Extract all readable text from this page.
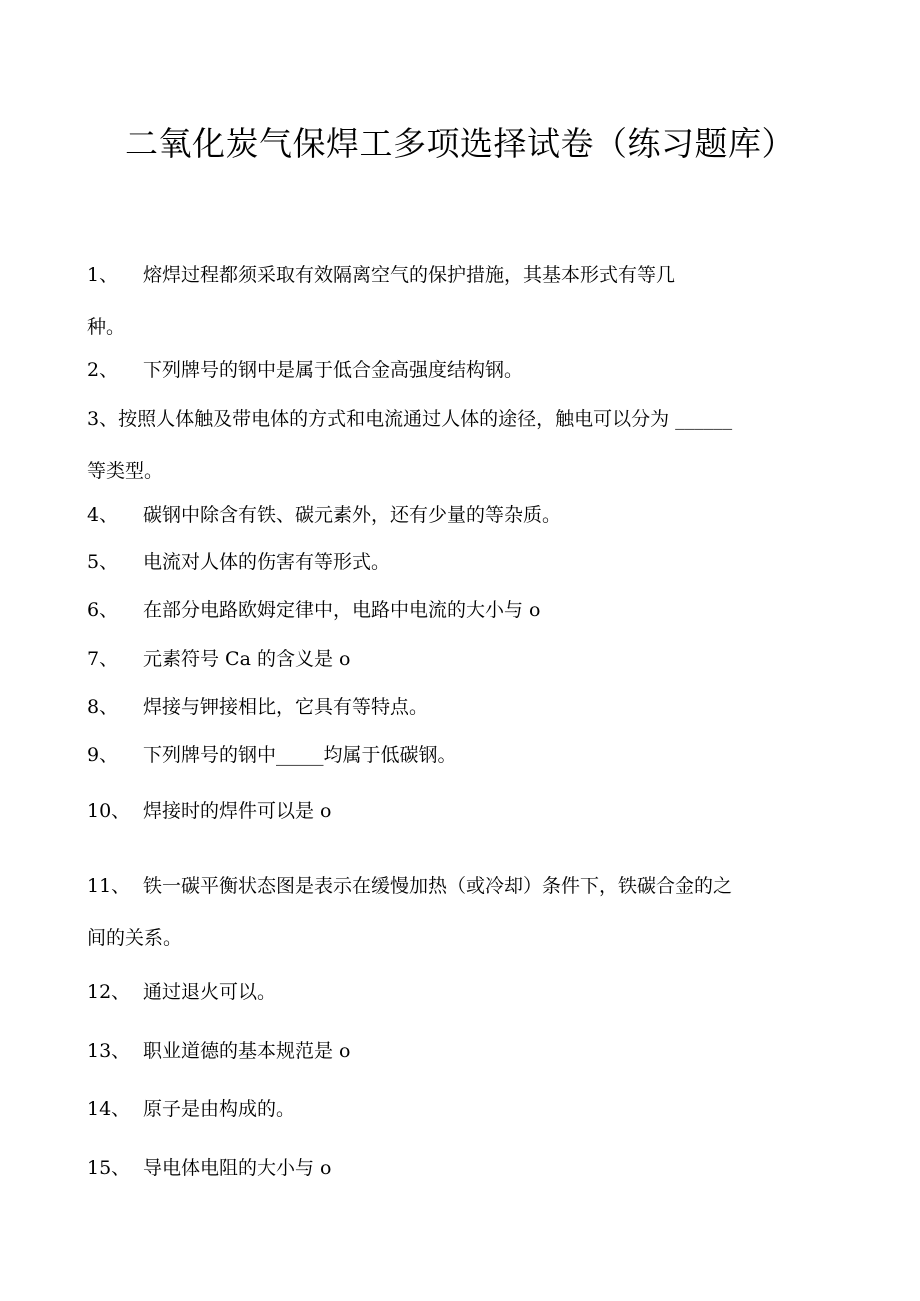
二氧化炭气保焊工多项选择试卷（练习题库）
1、 熔焊过程都须采取有效隔离空气的保护措施，其基本形式有等几
种。
2、 下列牌号的钢中是属于低合金高强度结构钢。
3、按照人体触及带电体的方式和电流通过人体的途径，触电可以分为 ______
等类型。
4、 碳钢中除含有铁、碳元素外，还有少量的等杂质。
5、 电流对人体的伤害有等形式。
6、 在部分电路欧姆定律中，电路中电流的大小与 o
7、 元素符号 Ca 的含义是 o
8、 焊接与钾接相比，它具有等特点。
9、 下列牌号的钢中_____均属于低碳钢。
10、 焊接时的焊件可以是 o
11、 铁一碳平衡状态图是表示在缓慢加热（或冷却）条件下，铁碳合金的之
间的关系。
12、 通过退火可以。
13、 职业道德的基本规范是 o
14、 原子是由构成的。
15、 导电体电阻的大小与 o
